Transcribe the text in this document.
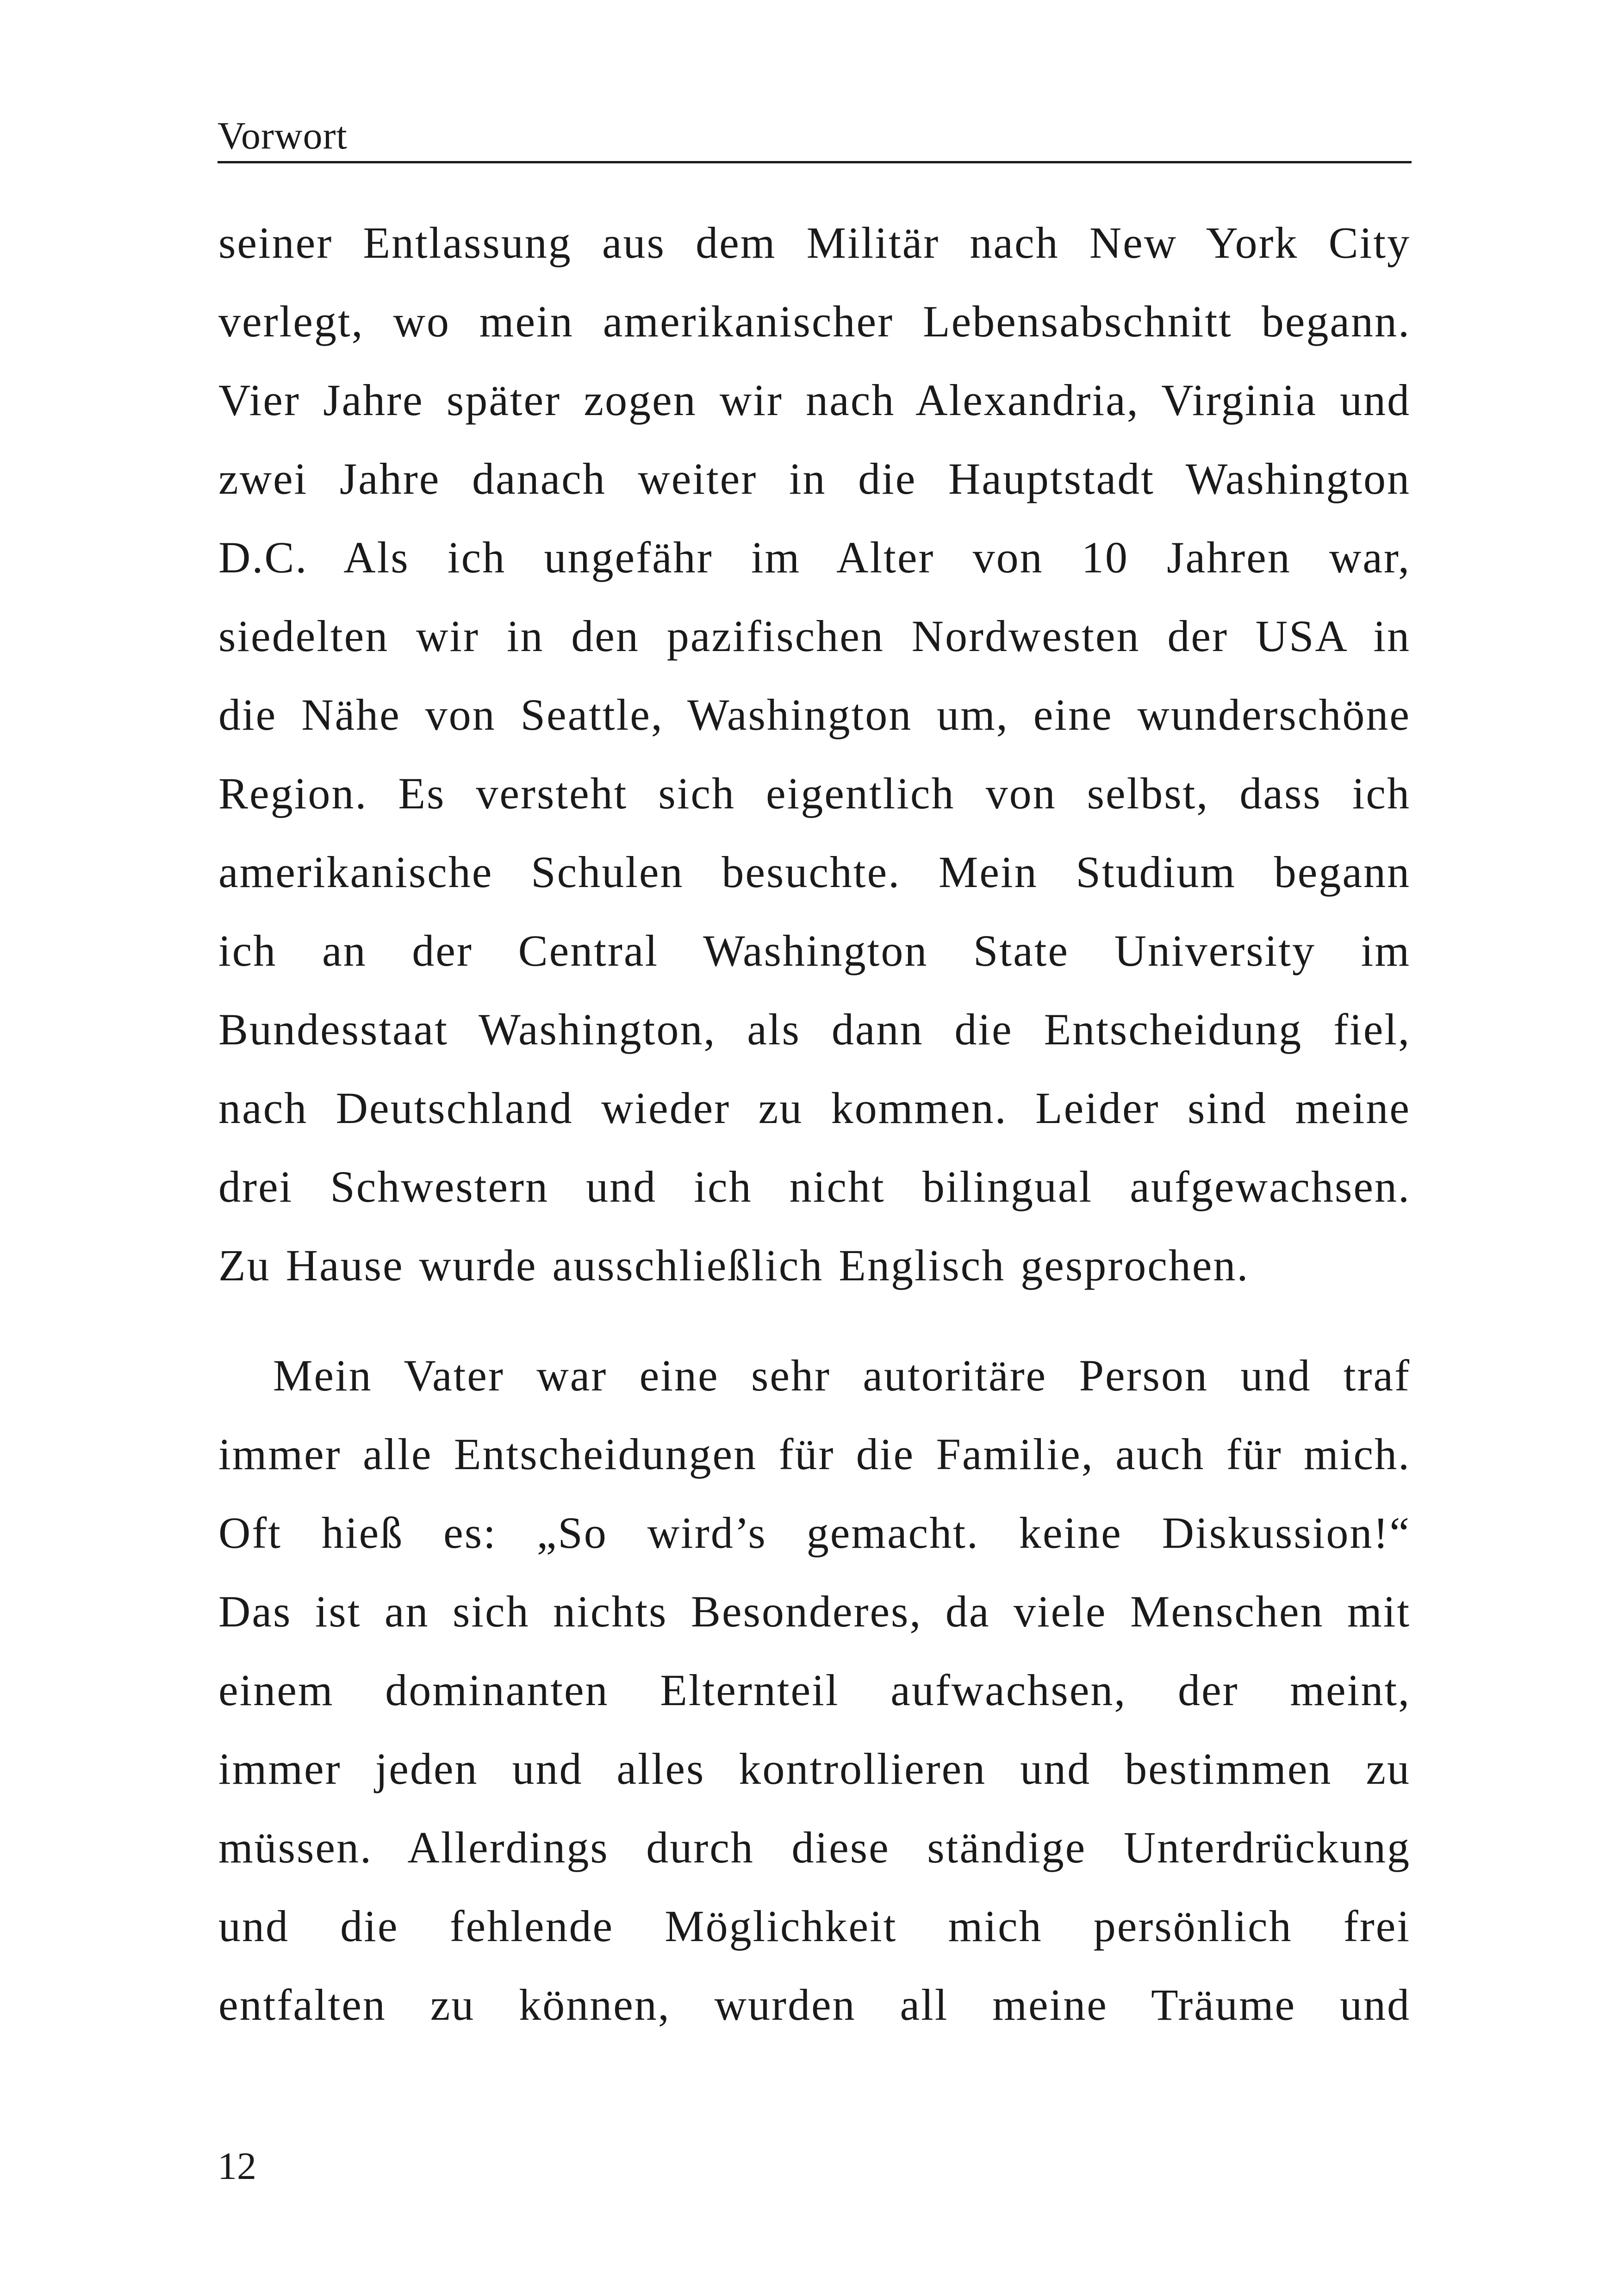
Vorwort

seiner Entlassung aus dem Militär nach New York City
verlegt, wo mein amerikanischer Lebensabschnitt begann.
Vier Jahre später zogen wir nach Alexandria, Virginia und
zwei Jahre danach weiter in die Hauptstadt Washington
D.C. Als ich ungefähr im Alter von 10 Jahren war,
siedelten wir in den pazifischen Nordwesten der USA in
die Nähe von Seattle, Washington um, eine wunderschöne
Region. Es versteht sich eigentlich von selbst, dass ich
amerikanische Schulen besuchte. Mein Studium begann
ich an der Central Washington State University im
Bundesstaat Washington, als dann die Entscheidung fiel,
nach Deutschland wieder zu kommen. Leider sind meine
drei Schwestern und ich nicht bilingual aufgewachsen.
Zu Hause wurde ausschließlich Englisch gesprochen.

Mein Vater war eine sehr autoritäre Person und traf
immer alle Entscheidungen für die Familie, auch für mich.
Oft hieß es: „So wird’s gemacht. keine Diskussion!“
Das ist an sich nichts Besonderes, da viele Menschen mit
einem dominanten Elternteil aufwachsen, der meint,
immer jeden und alles kontrollieren und bestimmen zu
müssen. Allerdings durch diese ständige Unterdrückung
und die fehlende Möglichkeit mich persönlich frei
entfalten zu können, wurden all meine Träume und

12
